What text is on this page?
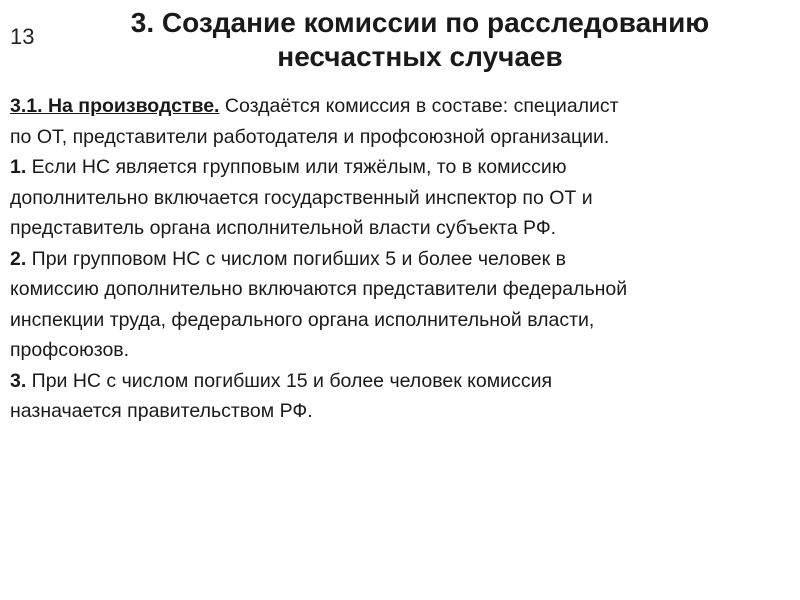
13	3. Создание комиссии по расследованию
несчастных случаев

3.1. На производстве. Создаётся комиссия в составе: специалист
по ОТ, представители работодателя и профсоюзной организации.

1. Если НС является групповым или тяжёлым, то в комиссию
дополнительно включается государственный инспектор по ОТ и
представитель органа исполнительной власти субъекта РФ.

2. При групповом НС с числом погибших 5 и более человек в
комиссию дополнительно включаются представители федеральной
инспекции труда, федерального органа исполнительной власти,
профсоюзов.

3. При НС с числом погибших 15 и более человек комиссия
назначается правительством РФ.
